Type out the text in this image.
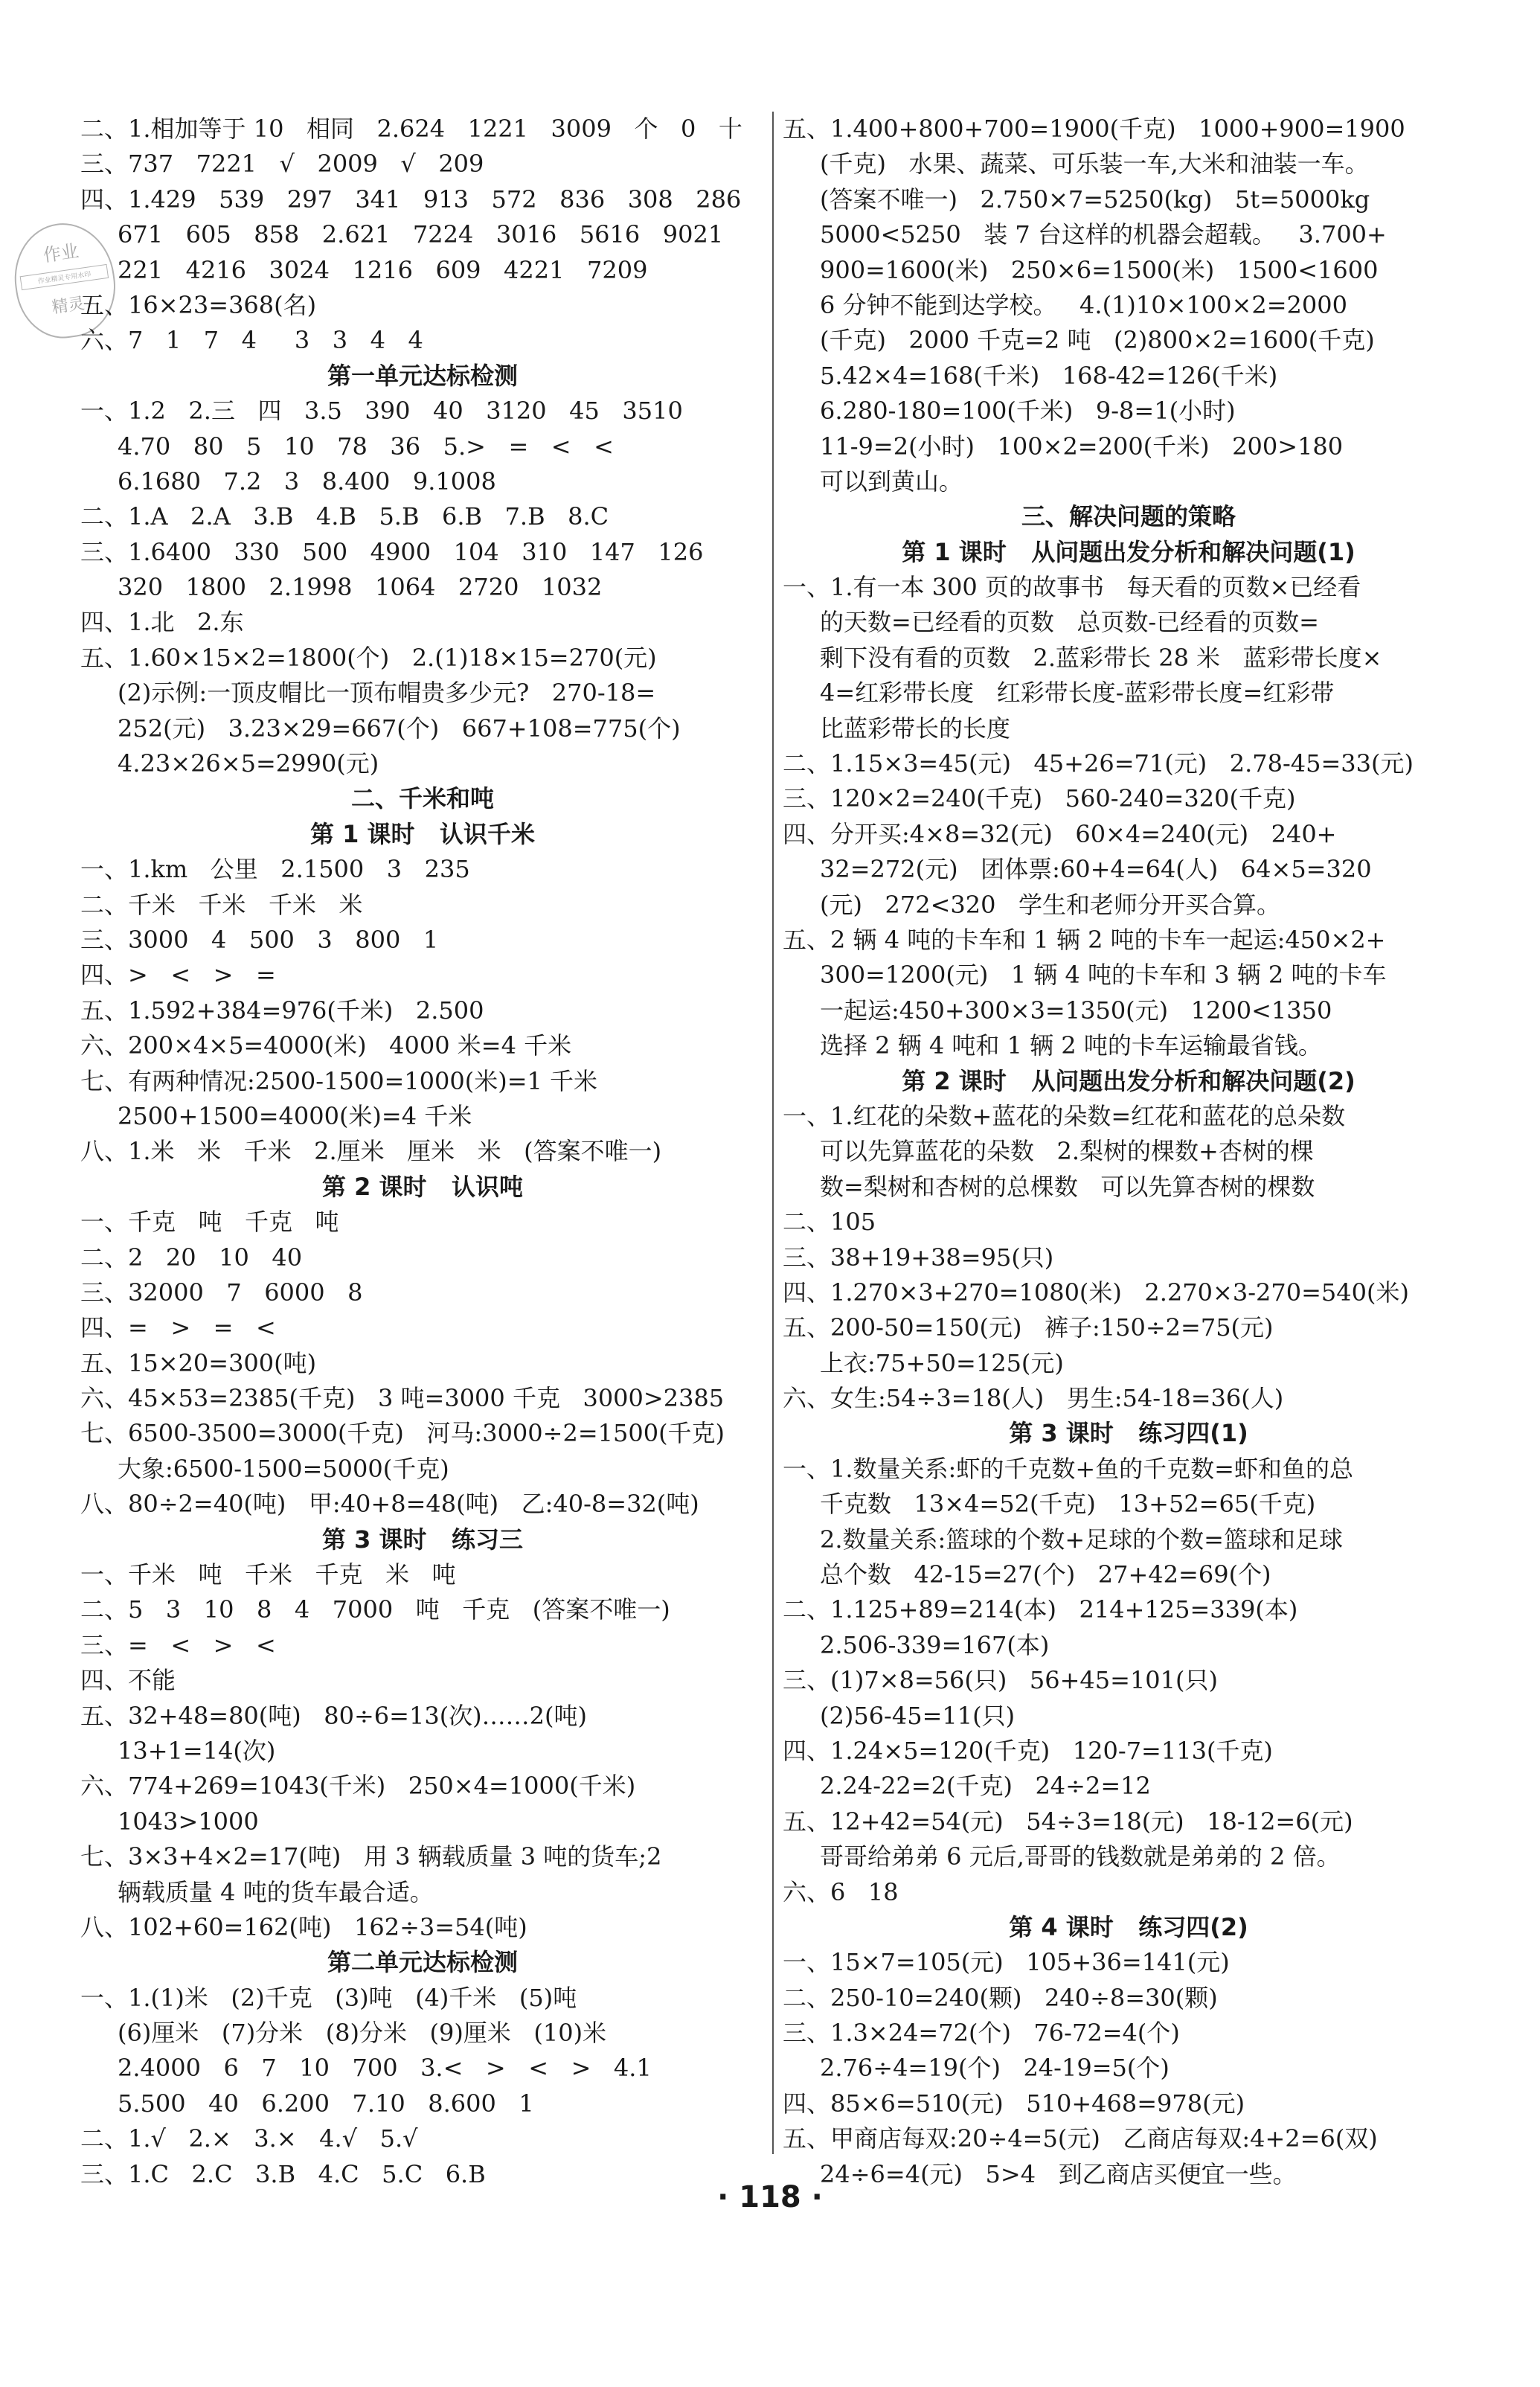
作业
作业精灵专用水印
精灵
二、1.相加等于 10   相同   2.624   1221   3009   个   0   十
三、737   7221   √   2009   √   209
四、1.429   539   297   341   913   572   836   308   286
671   605   858   2.621   7224   3016   5616   9021
221   4216   3024   1216   609   4221   7209
五、16×23=368(名)
六、7   1   7   4     3   3   4   4
第一单元达标检测
一、1.2   2.三   四   3.5   390   40   3120   45   3510
4.70   80   5   10   78   36   5.>   =   <   <
6.1680   7.2   3   8.400   9.1008
二、1.A   2.A   3.B   4.B   5.B   6.B   7.B   8.C
三、1.6400   330   500   4900   104   310   147   126
320   1800   2.1998   1064   2720   1032
四、1.北   2.东
五、1.60×15×2=1800(个)   2.(1)18×15=270(元)
(2)示例:一顶皮帽比一顶布帽贵多少元?   270-18=
252(元)   3.23×29=667(个)   667+108=775(个)
4.23×26×5=2990(元)
二、千米和吨
第 1 课时   认识千米
一、1.km   公里   2.1500   3   235
二、千米   千米   千米   米
三、3000   4   500   3   800   1
四、>   <   >   =
五、1.592+384=976(千米)   2.500
六、200×4×5=4000(米)   4000 米=4 千米
七、有两种情况:2500-1500=1000(米)=1 千米
2500+1500=4000(米)=4 千米
八、1.米   米   千米   2.厘米   厘米   米   (答案不唯一)
第 2 课时   认识吨
一、千克   吨   千克   吨
二、2   20   10   40
三、32000   7   6000   8
四、=   >   =   <
五、15×20=300(吨)
六、45×53=2385(千克)   3 吨=3000 千克   3000>2385
七、6500-3500=3000(千克)   河马:3000÷2=1500(千克)
大象:6500-1500=5000(千克)
八、80÷2=40(吨)   甲:40+8=48(吨)   乙:40-8=32(吨)
第 3 课时   练习三
一、千米   吨   千米   千克   米   吨
二、5   3   10   8   4   7000   吨   千克   (答案不唯一)
三、=   <   >   <
四、不能
五、32+48=80(吨)   80÷6=13(次)……2(吨)
13+1=14(次)
六、774+269=1043(千米)   250×4=1000(千米)
1043>1000
七、3×3+4×2=17(吨)   用 3 辆载质量 3 吨的货车;2
辆载质量 4 吨的货车最合适。
八、102+60=162(吨)   162÷3=54(吨)
第二单元达标检测
一、1.(1)米   (2)千克   (3)吨   (4)千米   (5)吨
(6)厘米   (7)分米   (8)分米   (9)厘米   (10)米
2.4000   6   7   10   700   3.<   >   <   >   4.1
5.500   40   6.200   7.10   8.600   1
二、1.√   2.×   3.×   4.√   5.√
三、1.C   2.C   3.B   4.C   5.C   6.B
五、1.400+800+700=1900(千克)   1000+900=1900
(千克)   水果、蔬菜、可乐装一车,大米和油装一车。
(答案不唯一)   2.750×7=5250(kg)   5t=5000kg
5000<5250   装 7 台这样的机器会超载。   3.700+
900=1600(米)   250×6=1500(米)   1500<1600
6 分钟不能到达学校。   4.(1)10×100×2=2000
(千克)   2000 千克=2 吨   (2)800×2=1600(千克)
5.42×4=168(千米)   168-42=126(千米)
6.280-180=100(千米)   9-8=1(小时)
11-9=2(小时)   100×2=200(千米)   200>180
可以到黄山。
三、解决问题的策略
第 1 课时   从问题出发分析和解决问题(1)
一、1.有一本 300 页的故事书   每天看的页数×已经看
的天数=已经看的页数   总页数-已经看的页数=
剩下没有看的页数   2.蓝彩带长 28 米   蓝彩带长度×
4=红彩带长度   红彩带长度-蓝彩带长度=红彩带
比蓝彩带长的长度
二、1.15×3=45(元)   45+26=71(元)   2.78-45=33(元)
三、120×2=240(千克)   560-240=320(千克)
四、分开买:4×8=32(元)   60×4=240(元)   240+
32=272(元)   团体票:60+4=64(人)   64×5=320
(元)   272<320   学生和老师分开买合算。
五、2 辆 4 吨的卡车和 1 辆 2 吨的卡车一起运:450×2+
300=1200(元)   1 辆 4 吨的卡车和 3 辆 2 吨的卡车
一起运:450+300×3=1350(元)   1200<1350
选择 2 辆 4 吨和 1 辆 2 吨的卡车运输最省钱。
第 2 课时   从问题出发分析和解决问题(2)
一、1.红花的朵数+蓝花的朵数=红花和蓝花的总朵数
可以先算蓝花的朵数   2.梨树的棵数+杏树的棵
数=梨树和杏树的总棵数   可以先算杏树的棵数
二、105
三、38+19+38=95(只)
四、1.270×3+270=1080(米)   2.270×3-270=540(米)
五、200-50=150(元)   裤子:150÷2=75(元)
上衣:75+50=125(元)
六、女生:54÷3=18(人)   男生:54-18=36(人)
第 3 课时   练习四(1)
一、1.数量关系:虾的千克数+鱼的千克数=虾和鱼的总
千克数   13×4=52(千克)   13+52=65(千克)
2.数量关系:篮球的个数+足球的个数=篮球和足球
总个数   42-15=27(个)   27+42=69(个)
二、1.125+89=214(本)   214+125=339(本)
2.506-339=167(本)
三、(1)7×8=56(只)   56+45=101(只)
(2)56-45=11(只)
四、1.24×5=120(千克)   120-7=113(千克)
2.24-22=2(千克)   24÷2=12
五、12+42=54(元)   54÷3=18(元)   18-12=6(元)
哥哥给弟弟 6 元后,哥哥的钱数就是弟弟的 2 倍。
六、6   18
第 4 课时   练习四(2)
一、15×7=105(元)   105+36=141(元)
二、250-10=240(颗)   240÷8=30(颗)
三、1.3×24=72(个)   76-72=4(个)
2.76÷4=19(个)   24-19=5(个)
四、85×6=510(元)   510+468=978(元)
五、甲商店每双:20÷4=5(元)   乙商店每双:4+2=6(双)
24÷6=4(元)   5>4   到乙商店买便宜一些。
· 118 ·
